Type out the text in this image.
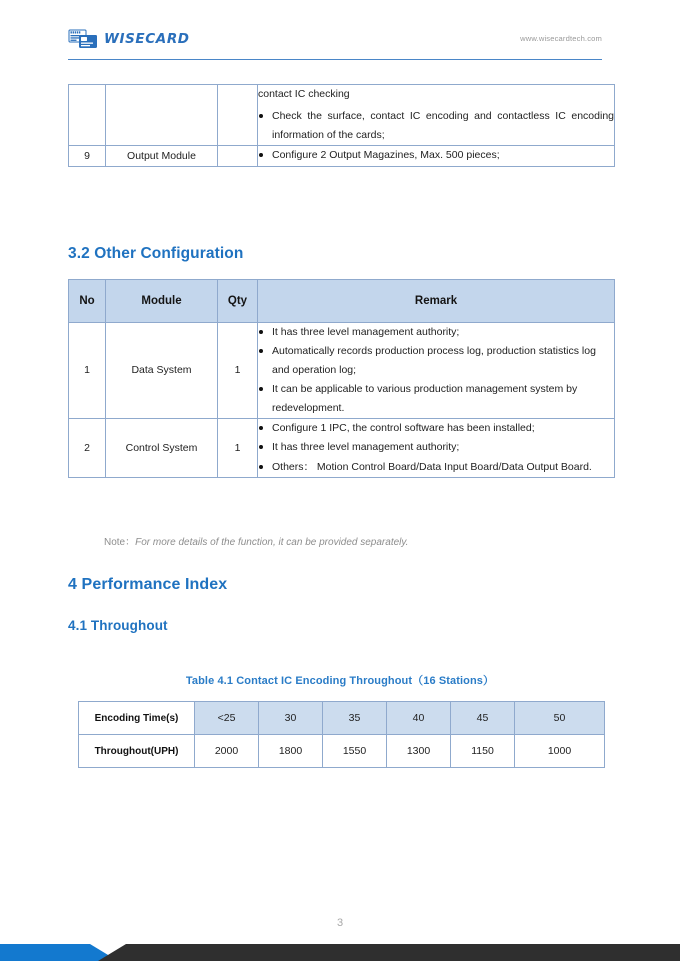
WISECARD	www.wisecardtech.com

contact IC checking

Check the surface, contact IC encoding and contactless IC encoding information of the cards;

9	Output Module		Configure 2 Output Magazines, Max. 500 pieces;
3.2 Other Configuration
No	Module	Qty	Remark
1	Data System	1	
It has three level management authority;
Automatically records production process log, production statistics log and operation log;
It can be applicable to various production management system by redevelopment.

2	Control System	1	
Configure 1 IPC, the control software has been installed;
It has three level management authority;
Others： Motion Control Board/Data Input Board/Data Output Board.
Note：For more details of the function, it can be provided separately.
4 Performance Index
4.1 Throughout
Table 4.1 Contact IC Encoding Throughout（16 Stations）
Encoding Time(s)	<25	30	35	40	45	50
Throughout(UPH)	2000	1800	1550	1300	1150	1000
3
